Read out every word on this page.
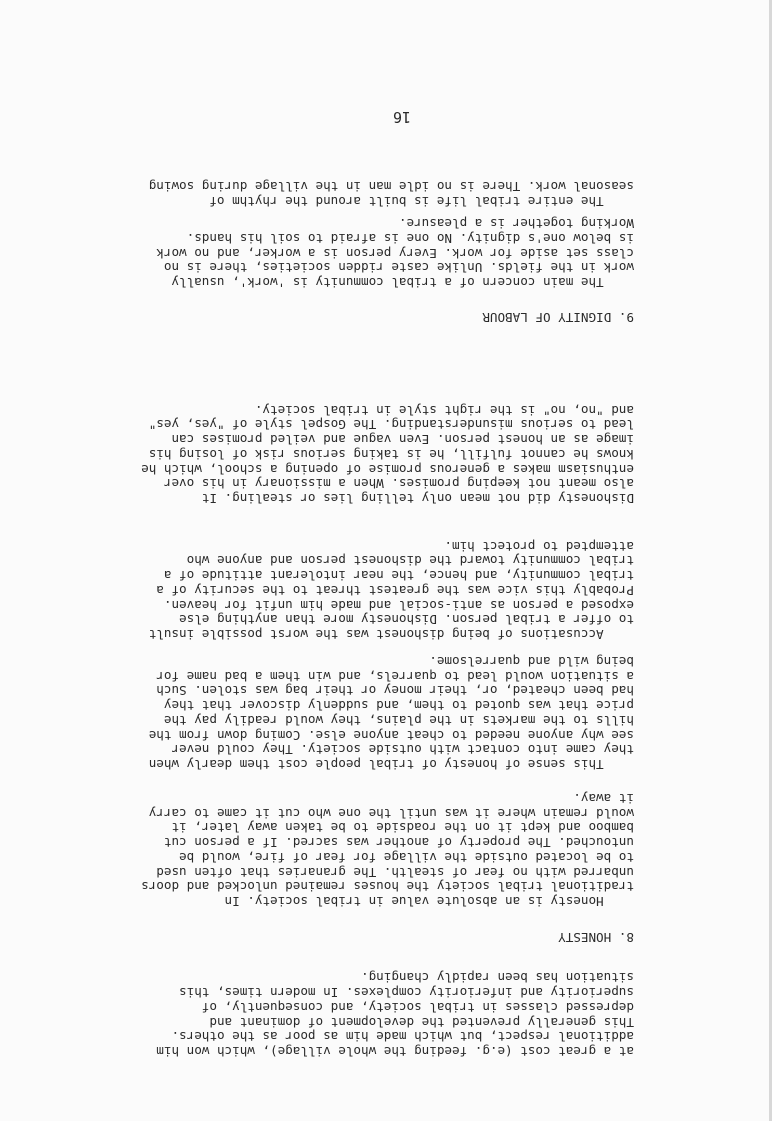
16

at a great cost (e.g. feeding the whole village), which won him

additional respect, but which made him as poor as the others.

This generally prevented the development of dominant and

depressed classes in tribal society, and consequently, of

superiority and inferiority complexes. In modern times, this

situation has been rapidly changing.

8. HONESTY

Honesty is an absolute value in tribal society. In

traditional tribal society the houses remained unlocked and doors

unbarred with no fear of stealth. The granaries that often used

to be located outside the village for fear of fire, would be

untouched. The property of another was sacred. If a person cut

bamboo and kept it on the roadside to be taken away later, it

would remain where it was until the one who cut it came to carry

it away.

This sense of honesty of tribal people cost them dearly when

they came into contact with outside society. They could never

see why anyone needed to cheat anyone else. Coming down from the

hills to the markets in the plains, they would readily pay the

price that was quoted to them, and suddenly discover that they

had been cheated, or, their money or their bag was stolen. Such

a situation would lead to quarrels, and win them a bad name for

being wild and quarrelsome.

Accusations of being dishonest was the worst possible insult

to offer a tribal person. Dishonesty more than anything else

exposed a person as anti-social and made him unfit for heaven.

Probably this vice was the greatest threat to the security of a

tribal community, and hence, the near intolerant attitude of a

tribal community toward the dishonest person and anyone who

attempted to protect him.

Dishonesty did not mean only telling lies or stealing. It

also meant not keeping promises. When a missionary in his over

enthusiasm makes a generous promise of opening a school, which he

knows he cannot fulfill, he is taking serious risk of losing his

image as an honest person. Even vague and veiled promises can

lead to serious misunderstanding. The Gospel style of "yes, yes"

and "no, no" is the right style in tribal society.

9. DIGNITY OF LABOUR

The main concern of a tribal community is 'work', usually

work in the fields. Unlike caste ridden societies, there is no

class set aside for work. Every person is a worker, and no work

is below one's dignity. No one is afraid to soil his hands.

Working together is a pleasure.

The entire tribal life is built around the rhythm of

seasonal work. There is no idle man in the village during sowing
